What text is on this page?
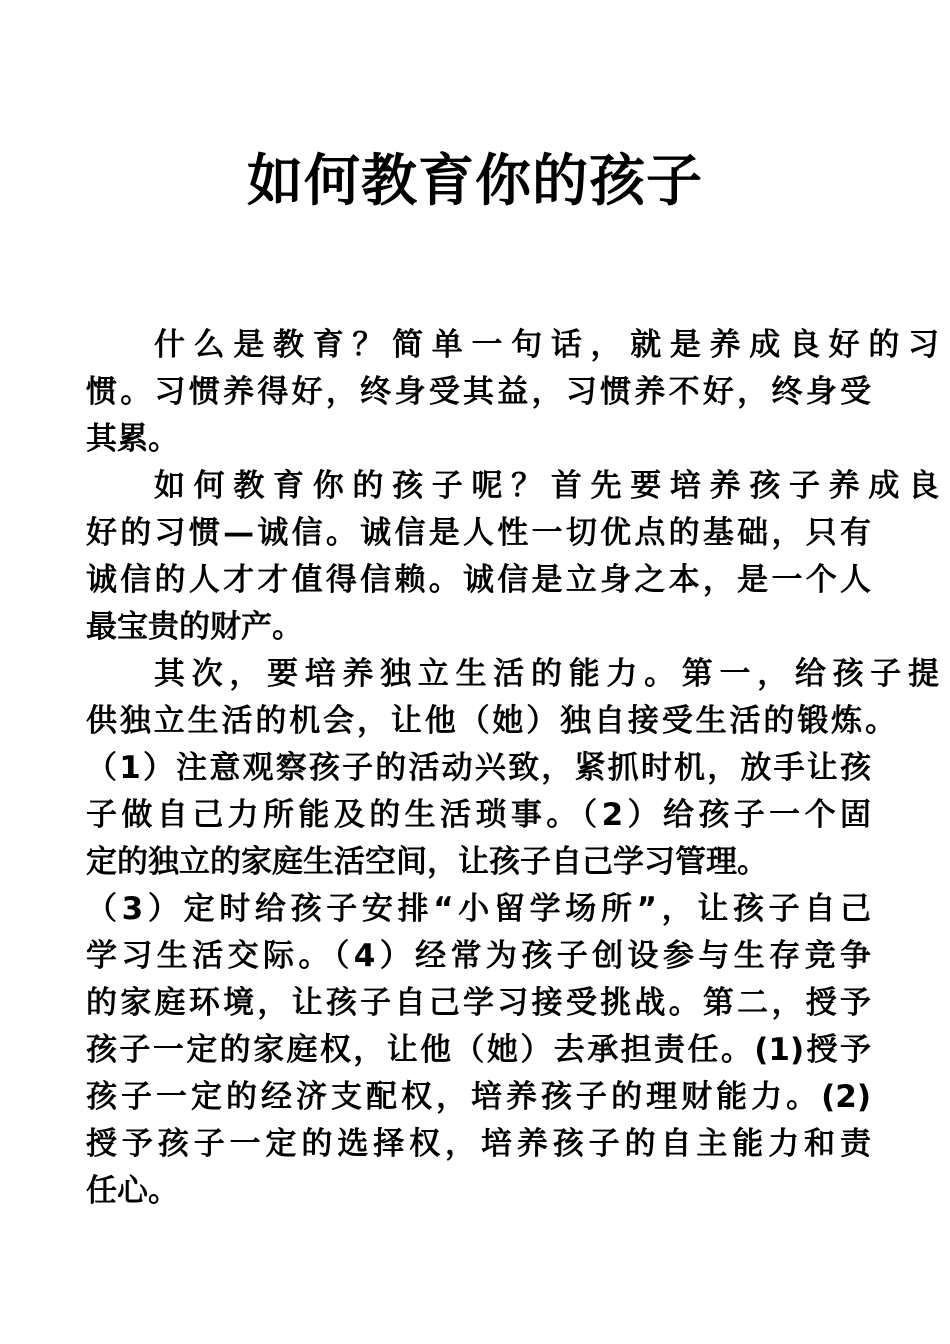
如何教育你的孩子
什么是教育？简单一句话，就是养成良好的习
惯。习惯养得好，终身受其益，习惯养不好，终身受
其累。
如何教育你的孩子呢？首先要培养孩子养成良
好的习惯—诚信。诚信是人性一切优点的基础，只有
诚信的人才才值得信赖。诚信是立身之本，是一个人
最宝贵的财产。
其次，要培养独立生活的能力。第一，给孩子提
供独立生活的机会，让他（她）独自接受生活的锻炼。
（1）注意观察孩子的活动兴致，紧抓时机，放手让孩
子做自己力所能及的生活琐事。（2）给孩子一个固
定的独立的家庭生活空间，让孩子自己学习管理。
（3）定时给孩子安排“小留学场所”，让孩子自己
学习生活交际。（4）经常为孩子创设参与生存竞争
的家庭环境，让孩子自己学习接受挑战。第二，授予
孩子一定的家庭权，让他（她）去承担责任。(1)授予
孩子一定的经济支配权，培养孩子的理财能力。(2)
授予孩子一定的选择权，培养孩子的自主能力和责
任心。
